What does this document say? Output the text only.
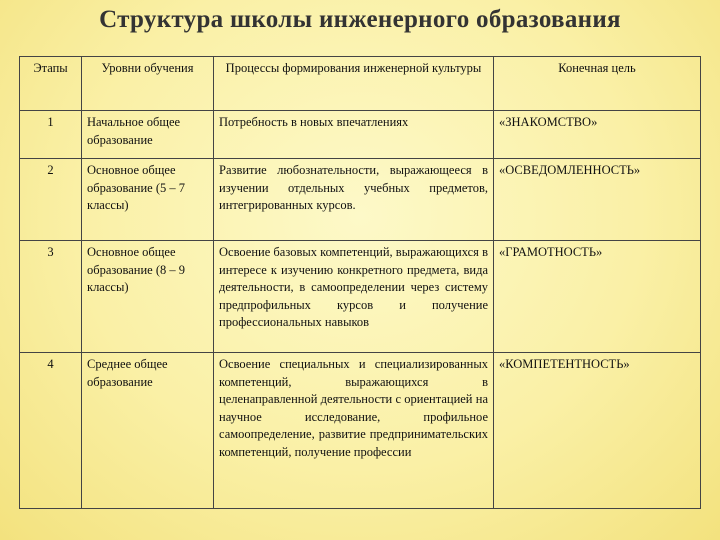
Структура школы инженерного образования
Этапы	Уровни обучения	Процессы формирования инженерной культуры	Конечная цель
1	Начальное общее образование	Потребность в новых впечатлениях	«ЗНАКОМСТВО»
2	Основное общее образование (5 – 7 классы)	Развитие любознательности, выражающееся в изучении отдельных учебных предметов, интегрированных курсов.	«ОСВЕДОМЛЕННОСТЬ»
3	Основное общее образование (8 – 9 классы)	Освоение базовых компетенций, выражающихся в интересе к изучению конкретного предмета, вида деятельности, в самоопределении через систему предпрофильных курсов и получение профессиональных навыков	«ГРАМОТНОСТЬ»
4	Среднее общее образование	Освоение специальных и специализированных компетенций, выражающихся в целенаправленной деятельности с ориентацией на научное исследование, профильное самоопределение, развитие предпринимательских компетенций, получение профессии	«КОМПЕТЕНТНОСТЬ»
